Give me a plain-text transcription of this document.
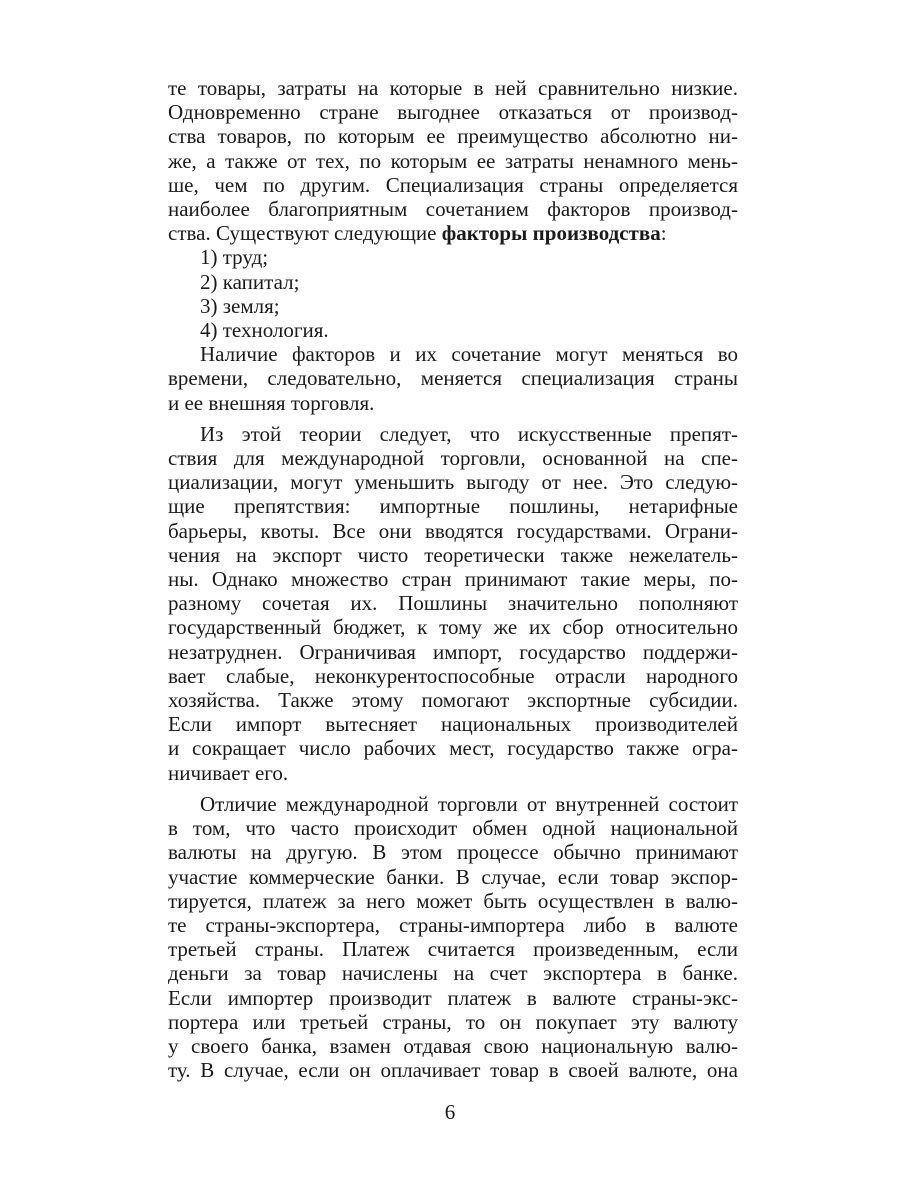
те товары, затраты на которые в ней сравнительно низкие.
Одновременно стране выгоднее отказаться от производ-
ства товаров, по которым ее преимущество абсолютно ни-
же, а также от тех, по которым ее затраты ненамного мень-
ше, чем по другим. Специализация страны определяется
наиболее благоприятным сочетанием факторов производ-
ства. Существуют следующие факторы производства:

1) труд;
2) капитал;
3) земля;
4) технология.

Наличие факторов и их сочетание могут меняться во
времени, следовательно, меняется специализация страны
и ее внешняя торговля.

Из этой теории следует, что искусственные препят-
ствия для международной торговли, основанной на спе-
циализации, могут уменьшить выгоду от нее. Это следую-
щие препятствия: импортные пошлины, нетарифные
барьеры, квоты. Все они вводятся государствами. Ограни-
чения на экспорт чисто теоретически также нежелатель-
ны. Однако множество стран принимают такие меры, по-
разному сочетая их. Пошлины значительно пополняют
государственный бюджет, к тому же их сбор относительно
незатруднен. Ограничивая импорт, государство поддержи-
вает слабые, неконкурентоспособные отрасли народного
хозяйства. Также этому помогают экспортные субсидии.
Если импорт вытесняет национальных производителей
и сокращает число рабочих мест, государство также огра-
ничивает его.

Отличие международной торговли от внутренней состоит
в том, что часто происходит обмен одной национальной
валюты на другую. В этом процессе обычно принимают
участие коммерческие банки. В случае, если товар экспор-
тируется, платеж за него может быть осуществлен в валю-
те страны-экспортера, страны-импортера либо в валюте
третьей страны. Платеж считается произведенным, если
деньги за товар начислены на счет экспортера в банке.
Если импортер производит платеж в валюте страны-экс-
портера или третьей страны, то он покупает эту валюту
у своего банка, взамен отдавая свою национальную валю-
ту. В случае, если он оплачивает товар в своей валюте, она

6
